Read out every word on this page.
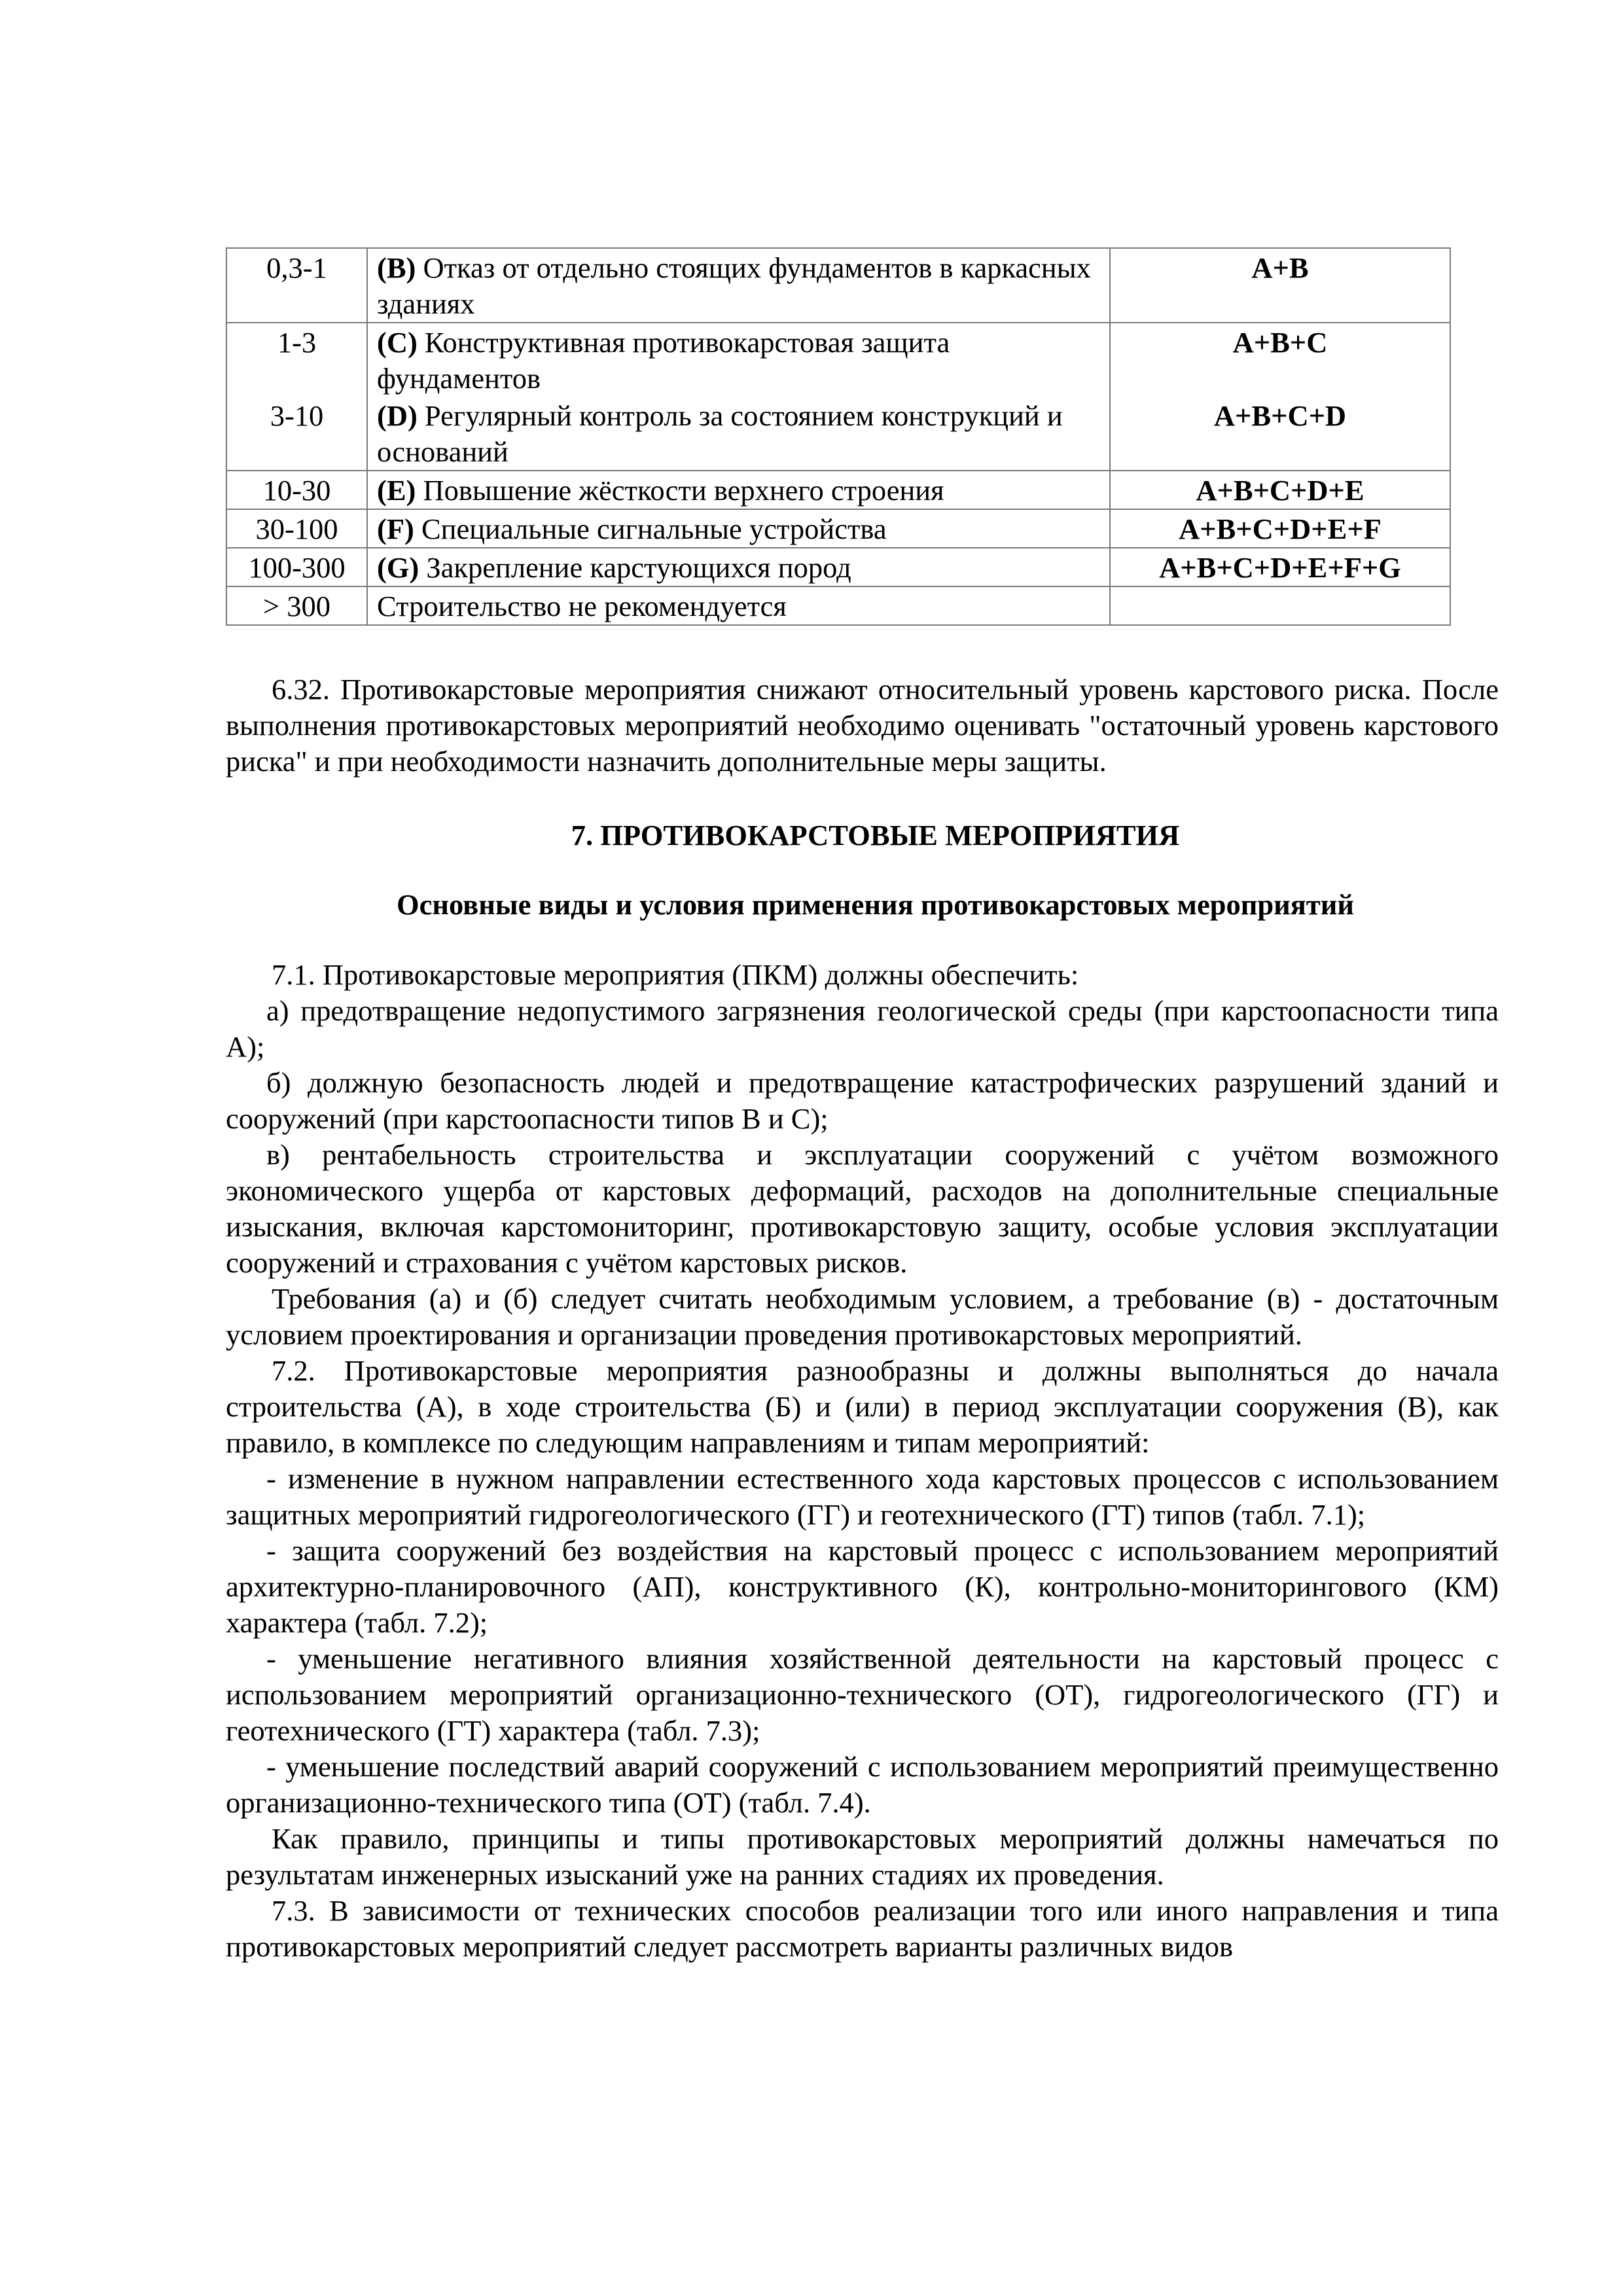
0,3-1	(B) Отказ от отдельно стоящих фундаментов в каркасных зданиях	A+B
1-3	(C) Конструктивная противокарстовая защита фундаментов	A+B+C
3-10	(D) Регулярный контроль за состоянием конструкций и оснований	A+B+C+D
10-30	(E) Повышение жёсткости верхнего строения	A+B+C+D+E
30-100	(F) Специальные сигнальные устройства	A+B+C+D+E+F
100-300	(G) Закрепление карстующихся пород	A+B+C+D+E+F+G
> 300	Строительство не рекомендуется	

6.32. Противокарстовые мероприятия снижают относительный уровень карстового риска. После выполнения противокарстовых мероприятий необходимо оценивать "остаточный уровень карстового риска" и при необходимости назначить дополнительные меры защиты.

7. ПРОТИВОКАРСТОВЫЕ МЕРОПРИЯТИЯ
Основные виды и условия применения противокарстовых мероприятий

7.1. Противокарстовые мероприятия (ПКМ) должны обеспечить:

а) предотвращение недопустимого загрязнения геологической среды (при карстоопасности типа А);

б) должную безопасность людей и предотвращение катастрофических разрушений зданий и сооружений (при карстоопасности типов В и С);

в) рентабельность строительства и эксплуатации сооружений с учётом возможного экономического ущерба от карстовых деформаций, расходов на дополнительные специальные изыскания, включая карстомониторинг, противокарстовую защиту, особые условия эксплуатации сооружений и страхования с учётом карстовых рисков.

Требования (а) и (б) следует считать необходимым условием, а требование (в) - достаточным условием проектирования и организации проведения противокарстовых мероприятий.

7.2. Противокарстовые мероприятия разнообразны и должны выполняться до начала строительства (А), в ходе строительства (Б) и (или) в период эксплуатации сооружения (В), как правило, в комплексе по следующим направлениям и типам мероприятий:

- изменение в нужном направлении естественного хода карстовых процессов с использованием защитных мероприятий гидрогеологического (ГГ) и геотехнического (ГТ) типов (табл. 7.1);

- защита сооружений без воздействия на карстовый процесс с использованием мероприятий архитектурно-планировочного (АП), конструктивного (К), контрольно-мониторингового (КМ) характера (табл. 7.2);

- уменьшение негативного влияния хозяйственной деятельности на карстовый процесс с использованием мероприятий организационно-технического (ОТ), гидрогеологического (ГГ) и геотехнического (ГТ) характера (табл. 7.3);

- уменьшение последствий аварий сооружений с использованием мероприятий преимущественно организационно-технического типа (ОТ) (табл. 7.4).

Как правило, принципы и типы противокарстовых мероприятий должны намечаться по результатам инженерных изысканий уже на ранних стадиях их проведения.

7.3. В зависимости от технических способов реализации того или иного направления и типа противокарстовых мероприятий следует рассмотреть варианты различных видов
